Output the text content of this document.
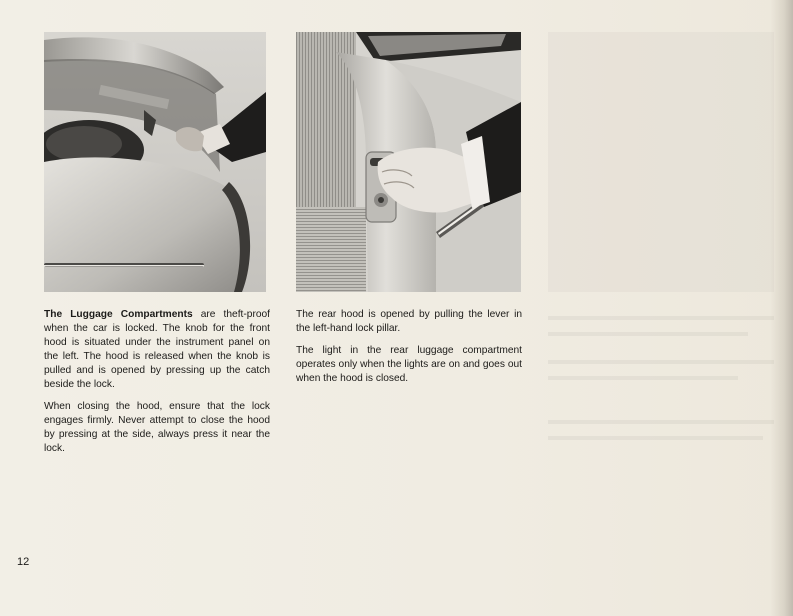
The Luggage Compartments are theft-proof when the car is locked. The knob for the front hood is situated under the instrument panel on the left. The hood is released when the knob is pulled and is opened by pressing up the catch beside the lock.

When closing the hood, ensure that the lock engages firmly. Never attempt to close the hood by pressing at the side, always press it near the lock.

The rear hood is opened by pulling the lever in the left-hand lock pillar.

The light in the rear luggage compartment operates only when the lights are on and goes out when the hood is closed.

12
